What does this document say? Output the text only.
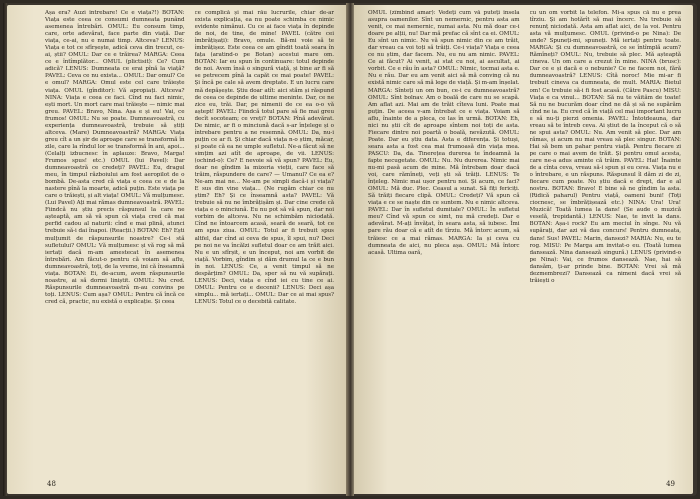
Așa era? Auzi întrebare! Ce e viața?!) BOTAN: Viața este ceea ce consumi dumneata punând asemenea întrebări. OMUL: Eu consum timp, care, orte adevărat, face parte din viață. Dar viața, ce-ai, nu e numai timp. Altceva? LENUS: Viața e tot ce sfîrșește, adică ceva din trecut, ce-ai, știi? OMUL: Dar ce e trăirea? MARGA: Ceea ce e întîmplător... OMUL (plictisit): Ce? Cum adică? LENUS: Dumneata ce erai pînă la viață? PAVEL: Ceva ce nu exista... OMUL: Dar omul? Ce e omul? MARGA: Omul este cel care trăiește viața. OMUL (gînditor): Vă apropiați. Altceva? NINA: Viața e ceea ce faci. Cînd nu faci nimic, ești mort. Un mort care mai trăiește — nimic mai greu. PAVEL: Bravo, Nina. Așa e și eu! Vai, ce frumos! OMUL: Nu se poate. Dumneavoastră, cu experiența dumneavoastră, trebuie să știți altceva. (Mare) Dumneavoastră? MARGA: Viața greu cît a un șir de aproape care se transformă în zile, care la rîndul lor se transformă în ani, apoi... (Celalți izbucnesc în aplauze: Bravo, Marga! Frumos spus! etc.) OMUL (lui Pavel): Dar dumneavoastră ce credeți? PAVEL: Eu, dragul meu, în timpul războiului am fost aeropilot de o bombă. De-asta cred că viața e ceea ce e de la nastere pînă la moarte, adică puțin. Este viața pe care o trăiești, și alt viața! OMUL: Vă mulțumesc. (Lui Pavel) Ați mai rămas dumneavoastră. PAVEL: Fiindcă nu știu precis răspunsul la care ne așteaptă, am să vă spun că viața cred că mai perfid cadou al naturii: cînd e mai plină, atunci trebuie să-i dai înapoi. (Reacții.) BOTAN: Eh? Ești mulțumit de răspunsurile noastre? Ce-i stă sufletului? OMUL: Vă mulțumesc și vă rog să mă iertați dacă m-am amestecat în asemenea întrebări. Am făcut-o pentru că voiam să aflu, dumneavoastră, toți, de la vreme, ini că înseamnă viața. BOTAN: Ei, de-acum, avem răspunsurile noastre, ai să dormi liniștit. OMUL: Nu cred. Răspunsurile dumneavoastră m-au convins pe toți. LENUS: Cum așa? OMUL: Pentru că încă ce cred că, practic, nu există o explicație. Și ceea

ce complică și mai rău lucrurile, chiar de-ar exista explicația, ea nu poate schimba ce nimic evidente nimănui. Cu ce ai face viața în depinde de noi, de tine, de mine! PAVEL (către cei îmbrățișați): Bravo, omule. Bă-mi voie să te îmbrățișez. Este ceea ce am gîndit toată seara în fața (aratind-o pe Botan) acestui mare om. BOTAN: Iar eu spun în continuare: totul depinde de noi. Avem însă o singură viață, și bine ar fi să se petrecem pînă la capăt ce mai poate! PAVEL: Și încă pe cale să avem dreptate. E un lucru care mă depășește. Știu doar atît: aici stăm și răspund de ceea ce depinde de ultime meninte. Dar, ce ne zice eu, trăi. Dar, pe nimenii de ce ea o-o vă aștept! PAVEL: Fiindcă totul pare să fie mai greu decît socoteam; ce vreți? BOTAN: Pînă adevărat. De nimic, ar fi o minciună dacă s-ar înțelege și o întrebare pentru a ne resemnă. OMUL: Da, nu-i puțin ce ar fi. Și chiar dacă viața n-o știm, măcar, și poate că ea ne umple sufletul. Ne-a făcut să ne simțim azi atît de aproape, de vii. LENUS: (ochind-o): Ce? E nevoie să vă spun? PAVEL: Eu, doar ne gîndim la mizeria vieții, care face să trăim, răspundere de care? — Umanul? Ce ea e? Ne-am mai ne... Ne-am pe simpli dacă-i și viața? E sus din vine viața... (Ne rugăm chiar ce nu știm? Eh? Și ce înseamnă asta? PAVEL: Vă trebuie să nu ne îmbrățișăm și. Dar cine crede că viața e o minciună. Eu nu pot să vă spun, dar noi vorbim de altceva. Nu ne schimbăm niciodată. Cînd ne întoarcem acasă, seară de seară, tot ce am spus ziua. OMUL: Totul ar fi trebuit spus altfel, dar cînd ai ceva de spus, îl spui, nu? Deci pe noi ne va încălzi sufletul doar ce am trăit aici. Nu e un sfîrșit, e un început, noi am vorbit de viață. Vorbim, gîndim și dăm drumul la ce e bun în noi. LENUS: Ce, a venit timpul să ne despărțim? OMUL: Da, sper să nu vă supărați. LENUS: Deci, viața e cînd iei cu tine ce ai. OMUL: Pentru ce e decenii? LENUS: Deci așa simplu... mă iertați... OMUL: Dar ce ai mai spus? LENUS: Totul ce o decebită calitate.

48

OMUL (zîmbind amar): Vedeți cum vă puteți însela asupra oamenilor. Sînt un nemernic, pentru asta am venit, ce mai nemernic, numai asta. Nu mă doar ce-i doare pe alții, nu! Dar mă prefac că sînt ca ei. OMUL: Eu sînt un nimic. Nu vă spun nimic din ce am trăit, dar vreau ca voi toți să trăiți. Ce-i viața? Viața e ceea ce nu știm, dar facem. Nu, eu nu am nimic. PAVEL: Ce ai făcut? Ai venit, ai stat cu noi, ai ascultat, ai vorbit. Ce e rău în asta? OMUL: Nimic, tocmai asta e. Nu e rău. Dar eu am venit aici să mă conving că nu există nimic care să mă lege de viață. Și m-am înșelat. MARGA: Sînteți un om bun, ce-i cu dumneavoastră? OMUL: Sînt bolnav. Am o boală de care nu se scapă. Am aflat azi. Mai am de trăit cîteva luni. Poate mai puțin. De aceea v-am întrebat ce e viața. Voiam să aflu, înainte de a pleca, ce las în urmă. BOTAN: Eh, nici nu știi cît de aproape sîntem noi toți de asta. Fiecare dintre noi poartă o boală, nevăzută. OMUL: Poate. Dar eu știu data. Asta e diferența. Și totuși, seara asta a fost cea mai frumoasă din viața mea. PASCU: Da, da. Tinerețea durerea te îndeamnă la fapte necugetate. OMUL: Nu. Nu durerea. Nimic mai nu-mi pasă acum de mine. Mă întrebam doar dacă voi, care rămîneți, veți ști să trăiți. LENUS: Te înțeleg. Nimic mai ușor pentru noi. Și acum, ce faci? OMUL: Mă duc. Plec. Ceasul a sunat. Să fiți fericiți. Să trăiți fiecare clipă. OMUL: Credeți? Vă spun că viața e ce se naște din ce suntem. Nu e nimic altceva. PAVEL: Dar în sufletul dumitale? OMUL: În sufletul meu? Cînd vă spun ce simt, nu mă credeți. Dar e adevărat. M-ați învățat, în seara asta, să iubesc. Îmi pare rău doar că e atît de tîrziu. Mă întorc acum, să trăiesc ce a mai rămas. MARGA: Ia și ceva cu dumneata de aici, nu pleca așa. OMUL: Mă întorc acasă. Ultima oară,

cu un om vorbit la telefon. Mi-a spus că nu e prea tîrziu. Și am hotărît să mai încerc. Nu trebuie să renunț niciodată. Asta am aflat aici, de la voi. Pentru asta vă mulțumesc. OMUL (privind-o pe Nina): De unde? Spuneți-mi, spuneți. Mă iertați pentru toate. MARGA: Și cu dumneavoastră, ce se întîmplă acum? Rămîneți? OMUL: Nu, trebuie să plec. Mă așteaptă cineva. Un om care a crezut în mine. NINA (brusc): Dar ce e și dacă e o nebunie? Ce ne facem noi, fără dumneavoastră? LENUS: Cîtă noroc! Mie mi-ar fi trebuit cineva ca dumneata, de mult. MARIA: Bietul om! Ce trebuie să-i fi fost acasă. (Către Pascu) MISU: Viața e ca vinul... BOTAN: Să nu te văităm de toate! Să nu ne bucurăm doar cînd ne dă și să ne supărăm cînd ne ia. Eu cred că în viață cel mai important lucru e să nu-ți pierzi omenia. PAVEL: Întotdeauna, dar vreau să te întreb ceva. Ai știut de la început că o să ne spui asta? OMUL: Nu. Am venit să plec. Dar am rămas, și acum nu mai vreau să plec singur. BOTAN: Hai să bem un pahar pentru viață. Pentru fiecare zi pe care o mai avem de trăit. Și pentru omul acesta, care ne-a adus aminte că trăim. PAVEL: Hai! Înainte de a cînta ceva, vreau să-i spun și eu ceva. Viața nu e o întrebare, e un răspuns. Răspunsul îl dăm zi de zi, fiecare cum poate. Nu știu dacă e drept, dar e al nostru. BOTAN: Bravo! E bine să ne gîndim la asta. (Ridică paharul) Pentru viață, oameni buni! (Toți ciocnesc, se îmbrățișează etc.) NINA: Ura! Ura! Muzică! Toată lumea la dans! (Se aude o muzică veselă, trepidantă.) LENUS: Nae, te invit la dans. BOTAN: Așa-i rock? Eu am meciul în sînge. Nu vă supărați, dar azi vă dau concurs! Pentru dumneata, dans! Sus! PAVEL: Marin, dansezi? MARIA: Nu, eu te rog. MISU: Pe Marga am invitat-o eu. (Toată lumea dansează. Nina dansează singură.) LENUS (privind-o pe Nina): Vai, ce frumos dansează. Nae, hai să dansăm, ți-ar prinde bine. BOTAN: Vrei să mă dezmembrezi? Dansează ca nimeni dacă vrei să trăiești o

49
